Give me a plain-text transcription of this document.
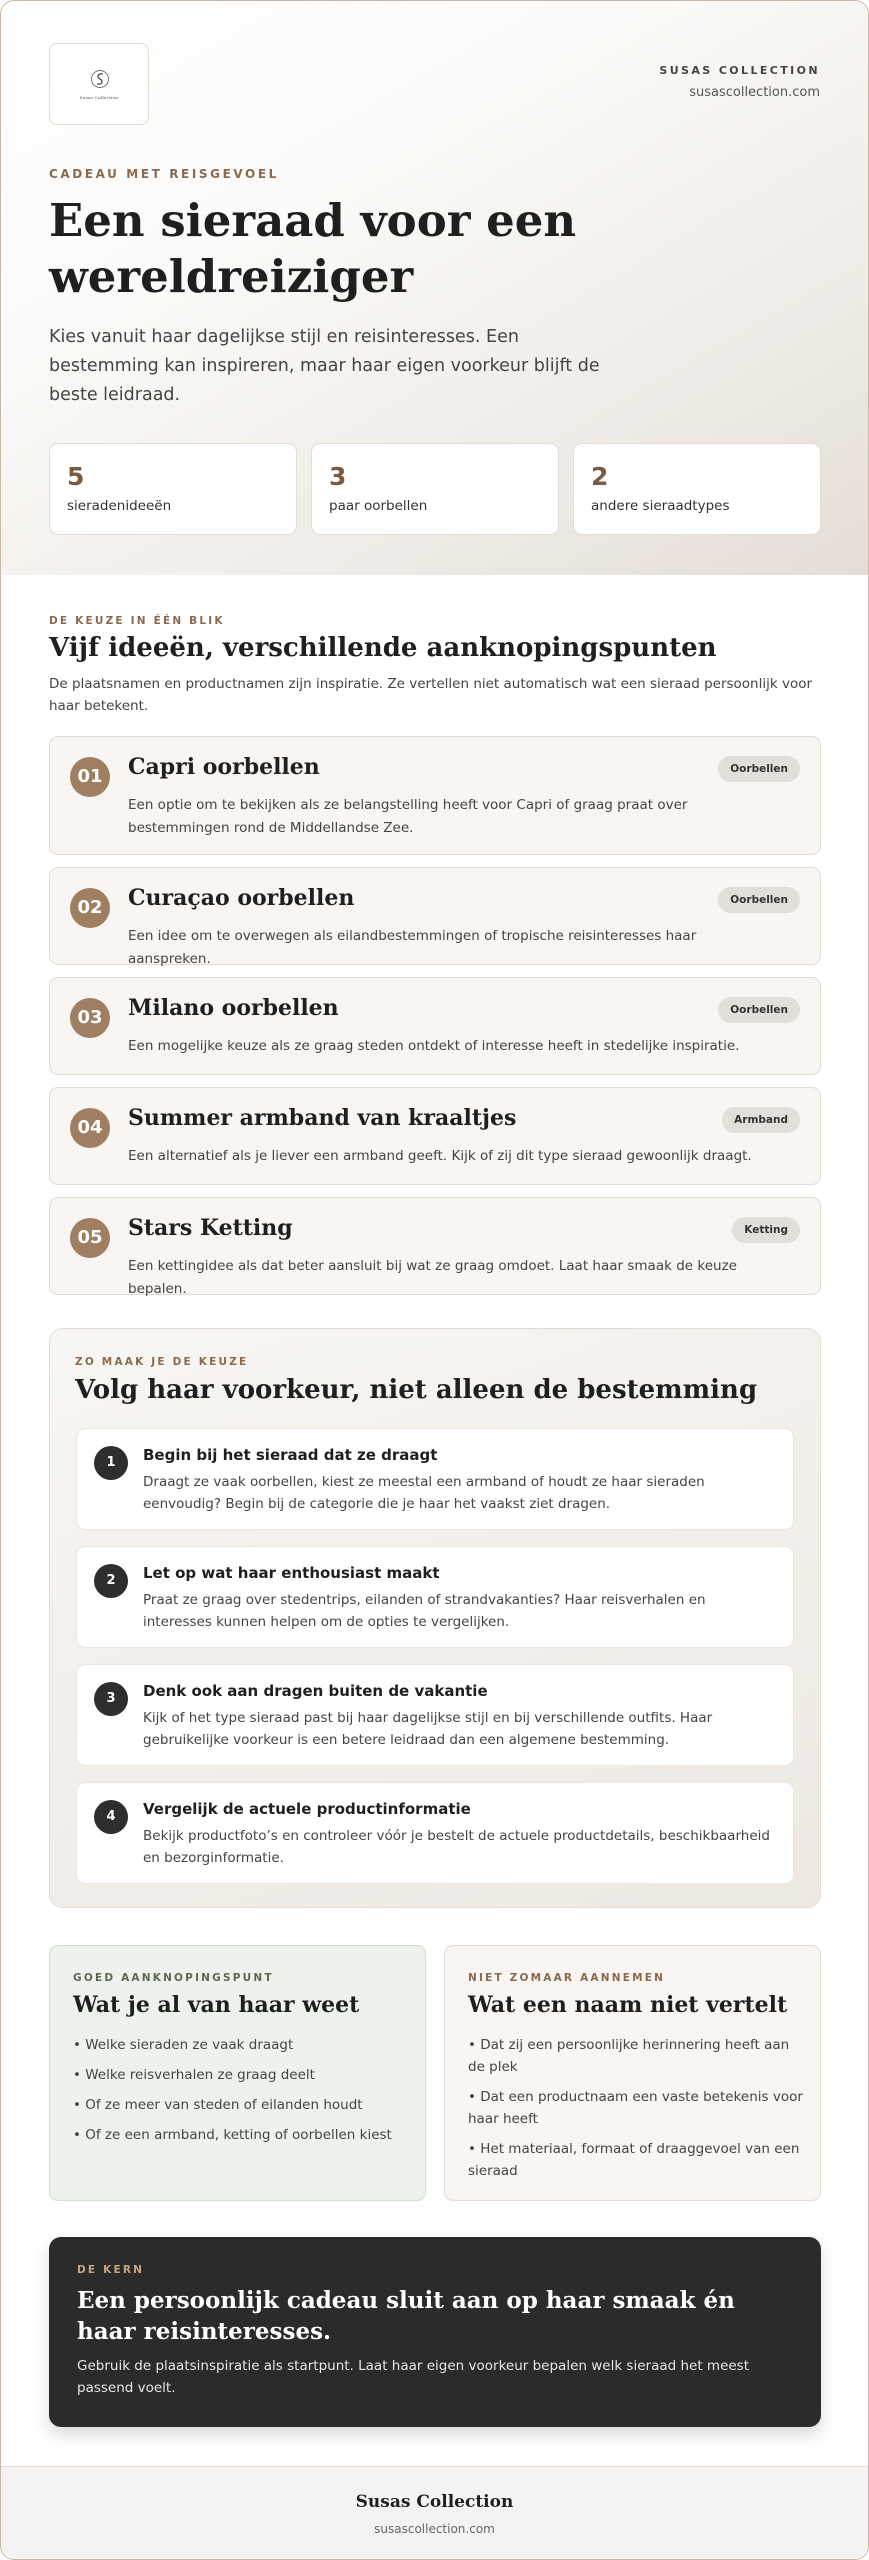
Susas Collection
SUSAS COLLECTION
susascollection.com
CADEAU MET REISGEVOEL
Een sieraad voor een wereldreiziger

Kies vanuit haar dagelijkse stijl en reisinteresses. Een bestemming kan inspireren, maar haar eigen voorkeur blijft de beste leidraad.

5
sieradenideeën
3
paar oorbellen
2
andere sieraadtypes
DE KEUZE IN ÉÉN BLIK
Vijf ideeën, verschillende aanknopingspunten

De plaatsnamen en productnamen zijn inspiratie. Ze vertellen niet automatisch wat een sieraad persoonlijk voor haar betekent.

01	Capri oorbellen	Oorbellen
Een optie om te bekijken als ze belangstelling heeft voor Capri of graag praat over bestemmingen rond de Middellandse Zee.
02	Curaçao oorbellen	Oorbellen
Een idee om te overwegen als eilandbestemmingen of tropische reisinteresses haar aanspreken.
03	Milano oorbellen	Oorbellen
Een mogelijke keuze als ze graag steden ontdekt of interesse heeft in stedelijke inspiratie.
04	Summer armband van kraaltjes	Armband
Een alternatief als je liever een armband geeft. Kijk of zij dit type sieraad gewoonlijk draagt.
05	Stars Ketting	Ketting
Een kettingidee als dat beter aansluit bij wat ze graag omdoet. Laat haar smaak de keuze bepalen.
ZO MAAK JE DE KEUZE
Volg haar voorkeur, niet alleen de bestemming
1	Begin bij het sieraad dat ze draagt
Draagt ze vaak oorbellen, kiest ze meestal een armband of houdt ze haar sieraden eenvoudig? Begin bij de categorie die je haar het vaakst ziet dragen.
2	Let op wat haar enthousiast maakt
Praat ze graag over stedentrips, eilanden of strandvakanties? Haar reisverhalen en interesses kunnen helpen om de opties te vergelijken.
3	Denk ook aan dragen buiten de vakantie
Kijk of het type sieraad past bij haar dagelijkse stijl en bij verschillende outfits. Haar gebruikelijke voorkeur is een betere leidraad dan een algemene bestemming.
4	Vergelijk de actuele productinformatie
Bekijk productfoto’s en controleer vóór je bestelt de actuele productdetails, beschikbaarheid en bezorginformatie.
GOED AANKNOPINGSPUNT
Wat je al van haar weet
• Welke sieraden ze vaak draagt
• Welke reisverhalen ze graag deelt
• Of ze meer van steden of eilanden houdt
• Of ze een armband, ketting of oorbellen kiest
NIET ZOMAAR AANNEMEN
Wat een naam niet vertelt
• Dat zij een persoonlijke herinnering heeft aan de plek
• Dat een productnaam een vaste betekenis voor haar heeft
• Het materiaal, formaat of draaggevoel van een sieraad
DE KERN
Een persoonlijk cadeau sluit aan op haar smaak én haar reisinteresses.

Gebruik de plaatsinspiratie als startpunt. Laat haar eigen voorkeur bepalen welk sieraad het meest passend voelt.

Susas Collection
susascollection.com
